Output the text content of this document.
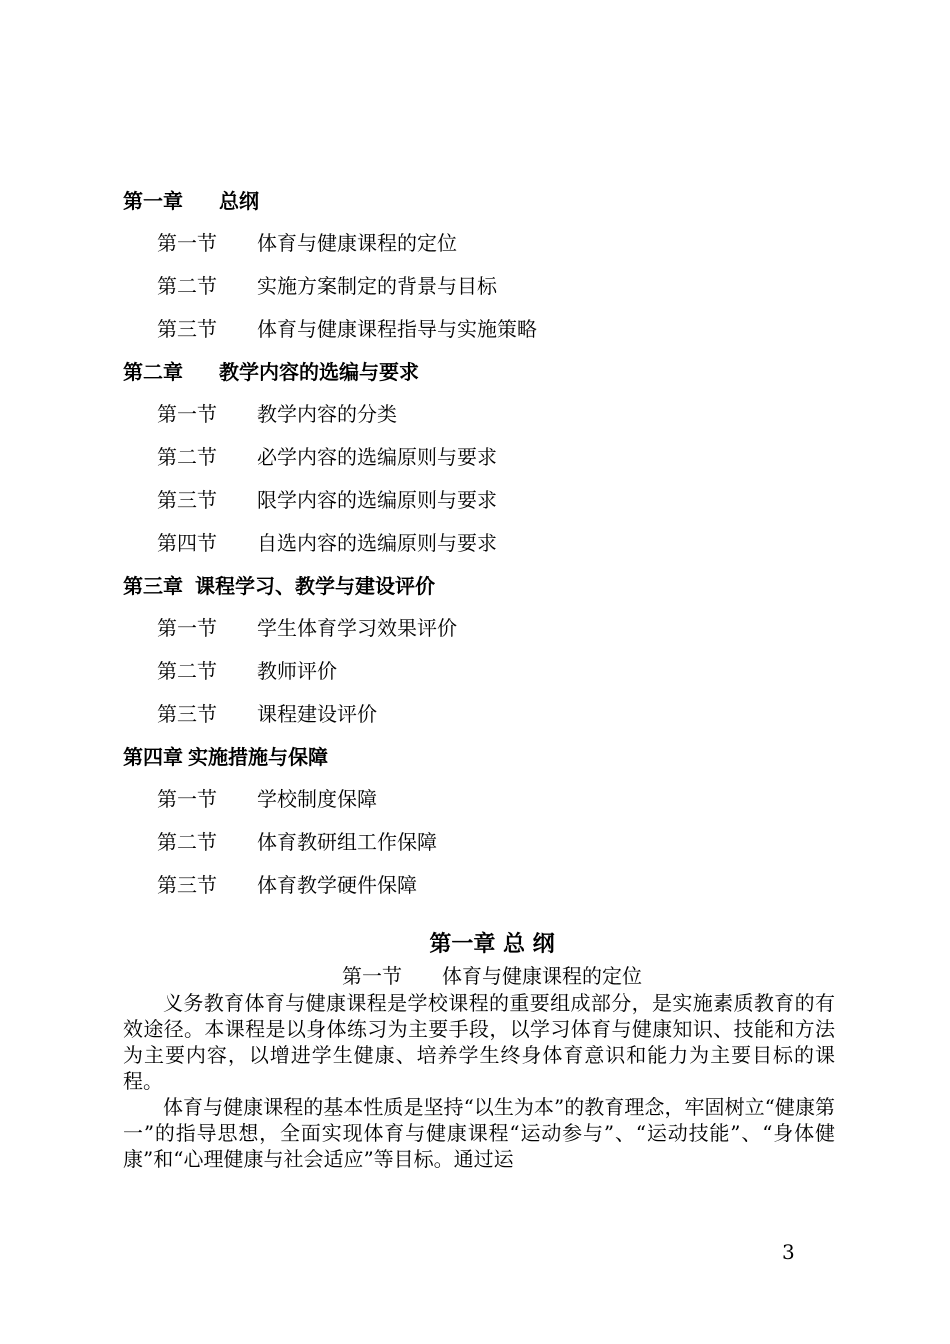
第一章 总纲
第一节	体育与健康课程的定位
第二节	实施方案制定的背景与目标
第三节	体育与健康课程指导与实施策略
第二章 教学内容的选编与要求
第一节	教学内容的分类
第二节	必学内容的选编原则与要求
第三节	限学内容的选编原则与要求
第四节	自选内容的选编原则与要求
第三章 课程学习、教学与建设评价
第一节	学生体育学习效果评价
第二节	教师评价
第三节	课程建设评价
第四章 实施措施与保障
第一节	学校制度保障
第二节	体育教研组工作保障
第三节	体育教学硬件保障
第一章 总 纲
第一节 体育与健康课程的定位

义务教育体育与健康课程是学校课程的重要组成部分，是实施素质教育的有效途径。本课程是以身体练习为主要手段，以学习体育与健康知识、技能和方法为主要内容，以增进学生健康、培养学生终身体育意识和能力为主要目标的课程。

体育与健康课程的基本性质是坚持“以生为本”的教育理念，牢固树立“健康第一”的指导思想，全面实现体育与健康课程“运动参与”、“运动技能”、“身体健康”和“心理健康与社会适应”等目标。通过运

3
